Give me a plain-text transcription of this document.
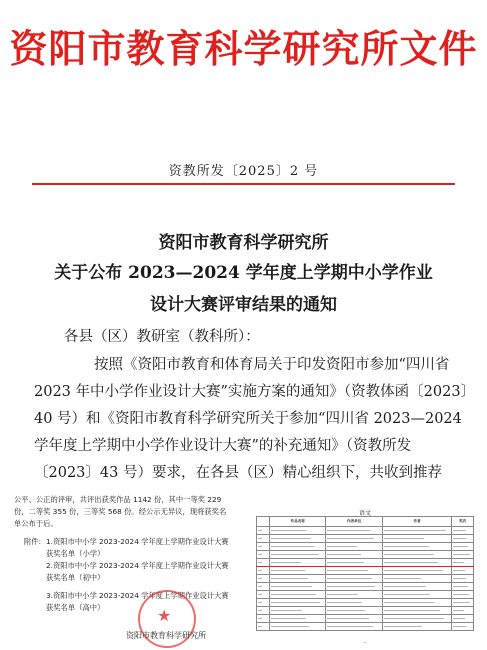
资阳市教育科学研究所文件
资教所发〔2025〕2 号
资阳市教育科学研究所
关于公布 2023—2024 学年度上学期中小学作业
设计大赛评审结果的通知
各县（区）教研室（教科所）：
按照《资阳市教育和体育局关于印发资阳市参加“四川省
2023 年中小学作业设计大赛”实施方案的通知》（资教体函〔2023〕
40 号）和《资阳市教育科学研究所关于参加“四川省 2023—2024
学年度上学期中小学作业设计大赛”的补充通知》（资教所发
〔2023〕43 号）要求，在各县（区）精心组织下，共收到推荐
公平、公正的评审，共评出获奖作品 1142 份，其中一等奖 229
份，二等奖 355 份，三等奖 568 份。经公示无异议，现将获奖名
单公布于后。
附件: 1.资阳市中小学 2023-2024 学年度上学期作业设计大赛
获奖名单（小学）
2.资阳市中小学 2023-2024 学年度上学期作业设计大赛
获奖名单（初中）
3.资阳市中小学 2023-2024 学年度上学期作业设计大赛
获奖名单（高中）	★
资阳市教育科学研究所
语文
	作品名称	作者单位	作者	奖次

-
